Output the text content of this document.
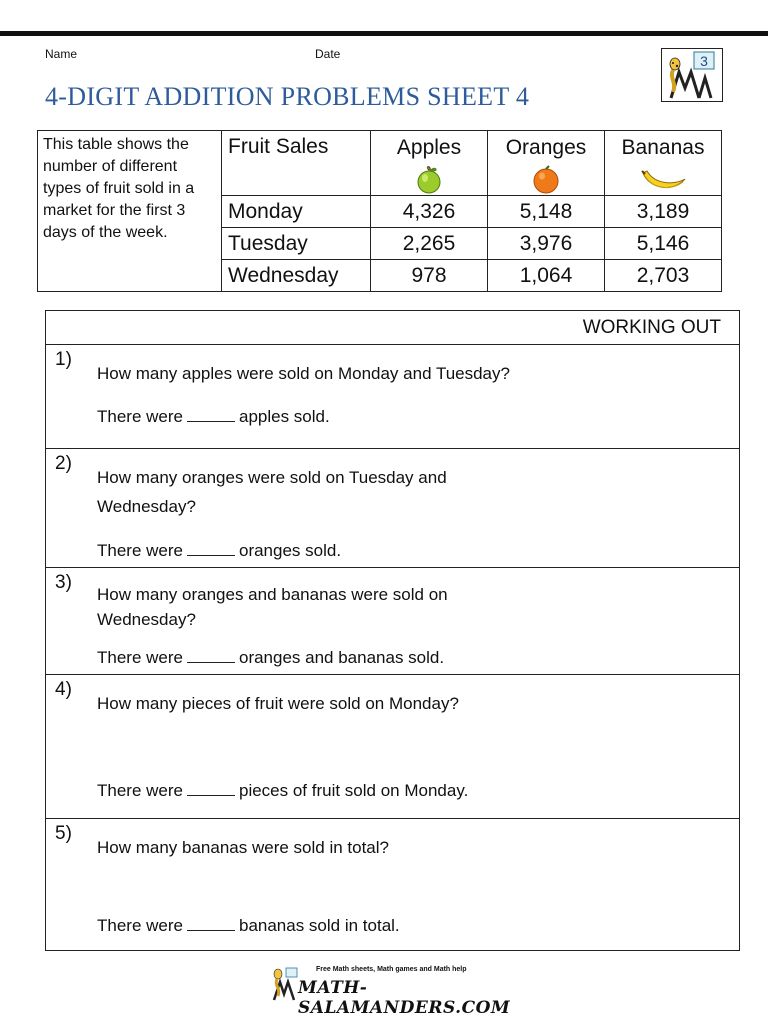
Name	Date
4-DIGIT ADDITION PROBLEMS SHEET 4
3
This table shows the number of different types of fruit sold in a market for the first 3 days of the week.	Fruit Sales	Apples	Oranges	Bananas

	Monday	4,326	5,148	3,189
	Tuesday	2,265	3,976	5,146
	Wednesday	978	1,064	2,703
WORKING OUT

1)
How many apples were sold on Monday and Tuesday?
There were	apples sold.

2)
How many oranges were sold on Tuesday and Wednesday?
There were	oranges sold.

3)
How many oranges and bananas were sold on Wednesday?
There were	oranges and bananas sold.

4)
How many pieces of fruit were sold on Monday?
There were	pieces of fruit sold on Monday.

5)
How many bananas were sold in total?
There were	bananas sold in total.
Free Math sheets, Math games and Math help
MATH-SALAMANDERS.COM
